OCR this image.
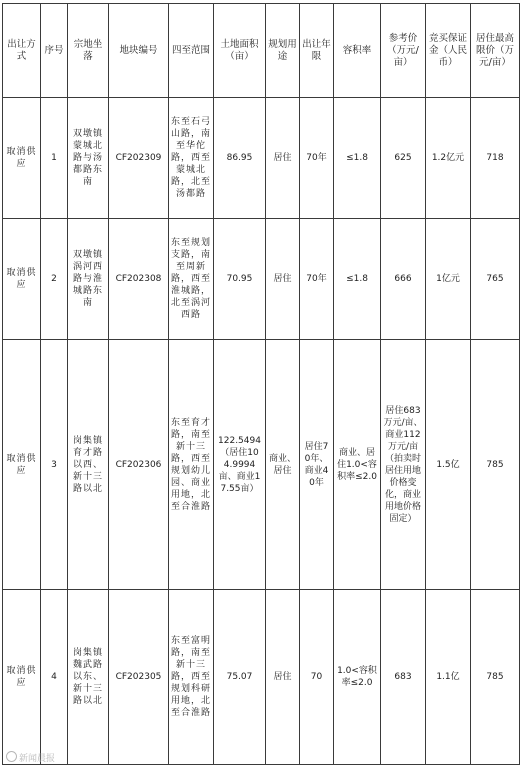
出让方式	序号	宗地坐落	地块编号	四至范围	土地面积（亩）	规划用途	出让年限	容积率	参考价（万元/亩）	竞买保证金（人民币）	居住最高限价（万元/亩）
取消供应	1	双墩镇蒙城北路与汤都路东南	CF202309	东至石弓山路，南至华佗路，西至蒙城北路，北至汤都路	86.95	居住	70年	≤1.8	625	1.2亿元	718
取消供应	2	双墩镇涡河西路与淮城路东南	CF202308	东至规划支路，南至周新路，西至淮城路，北至涡河西路	70.95	居住	70年	≤1.8	666	1亿元	765
取消供应	3	岗集镇育才路以西、新十三路以北	CF202306	东至育才路，南至新十三路，西至规划幼儿园、商业用地，北至合淮路	122.5494（居住104.9994亩、商业17.55亩）	商业、居住	居住70年、商业40年	商业、居住1.0<容积率≤2.0	居住683万元/亩、商业112万元/亩（拍卖时居住用地价格变化，商业用地价格固定）	1.5亿	785
取消供应	4	岗集镇魏武路以东、新十三路以北	CF202305	东至富明路，南至新十三路，西至规划科研用地，北至合淮路	75.07	居住	70	1.0<容积率≤2.0	683	1.1亿	785
新闻晨报
